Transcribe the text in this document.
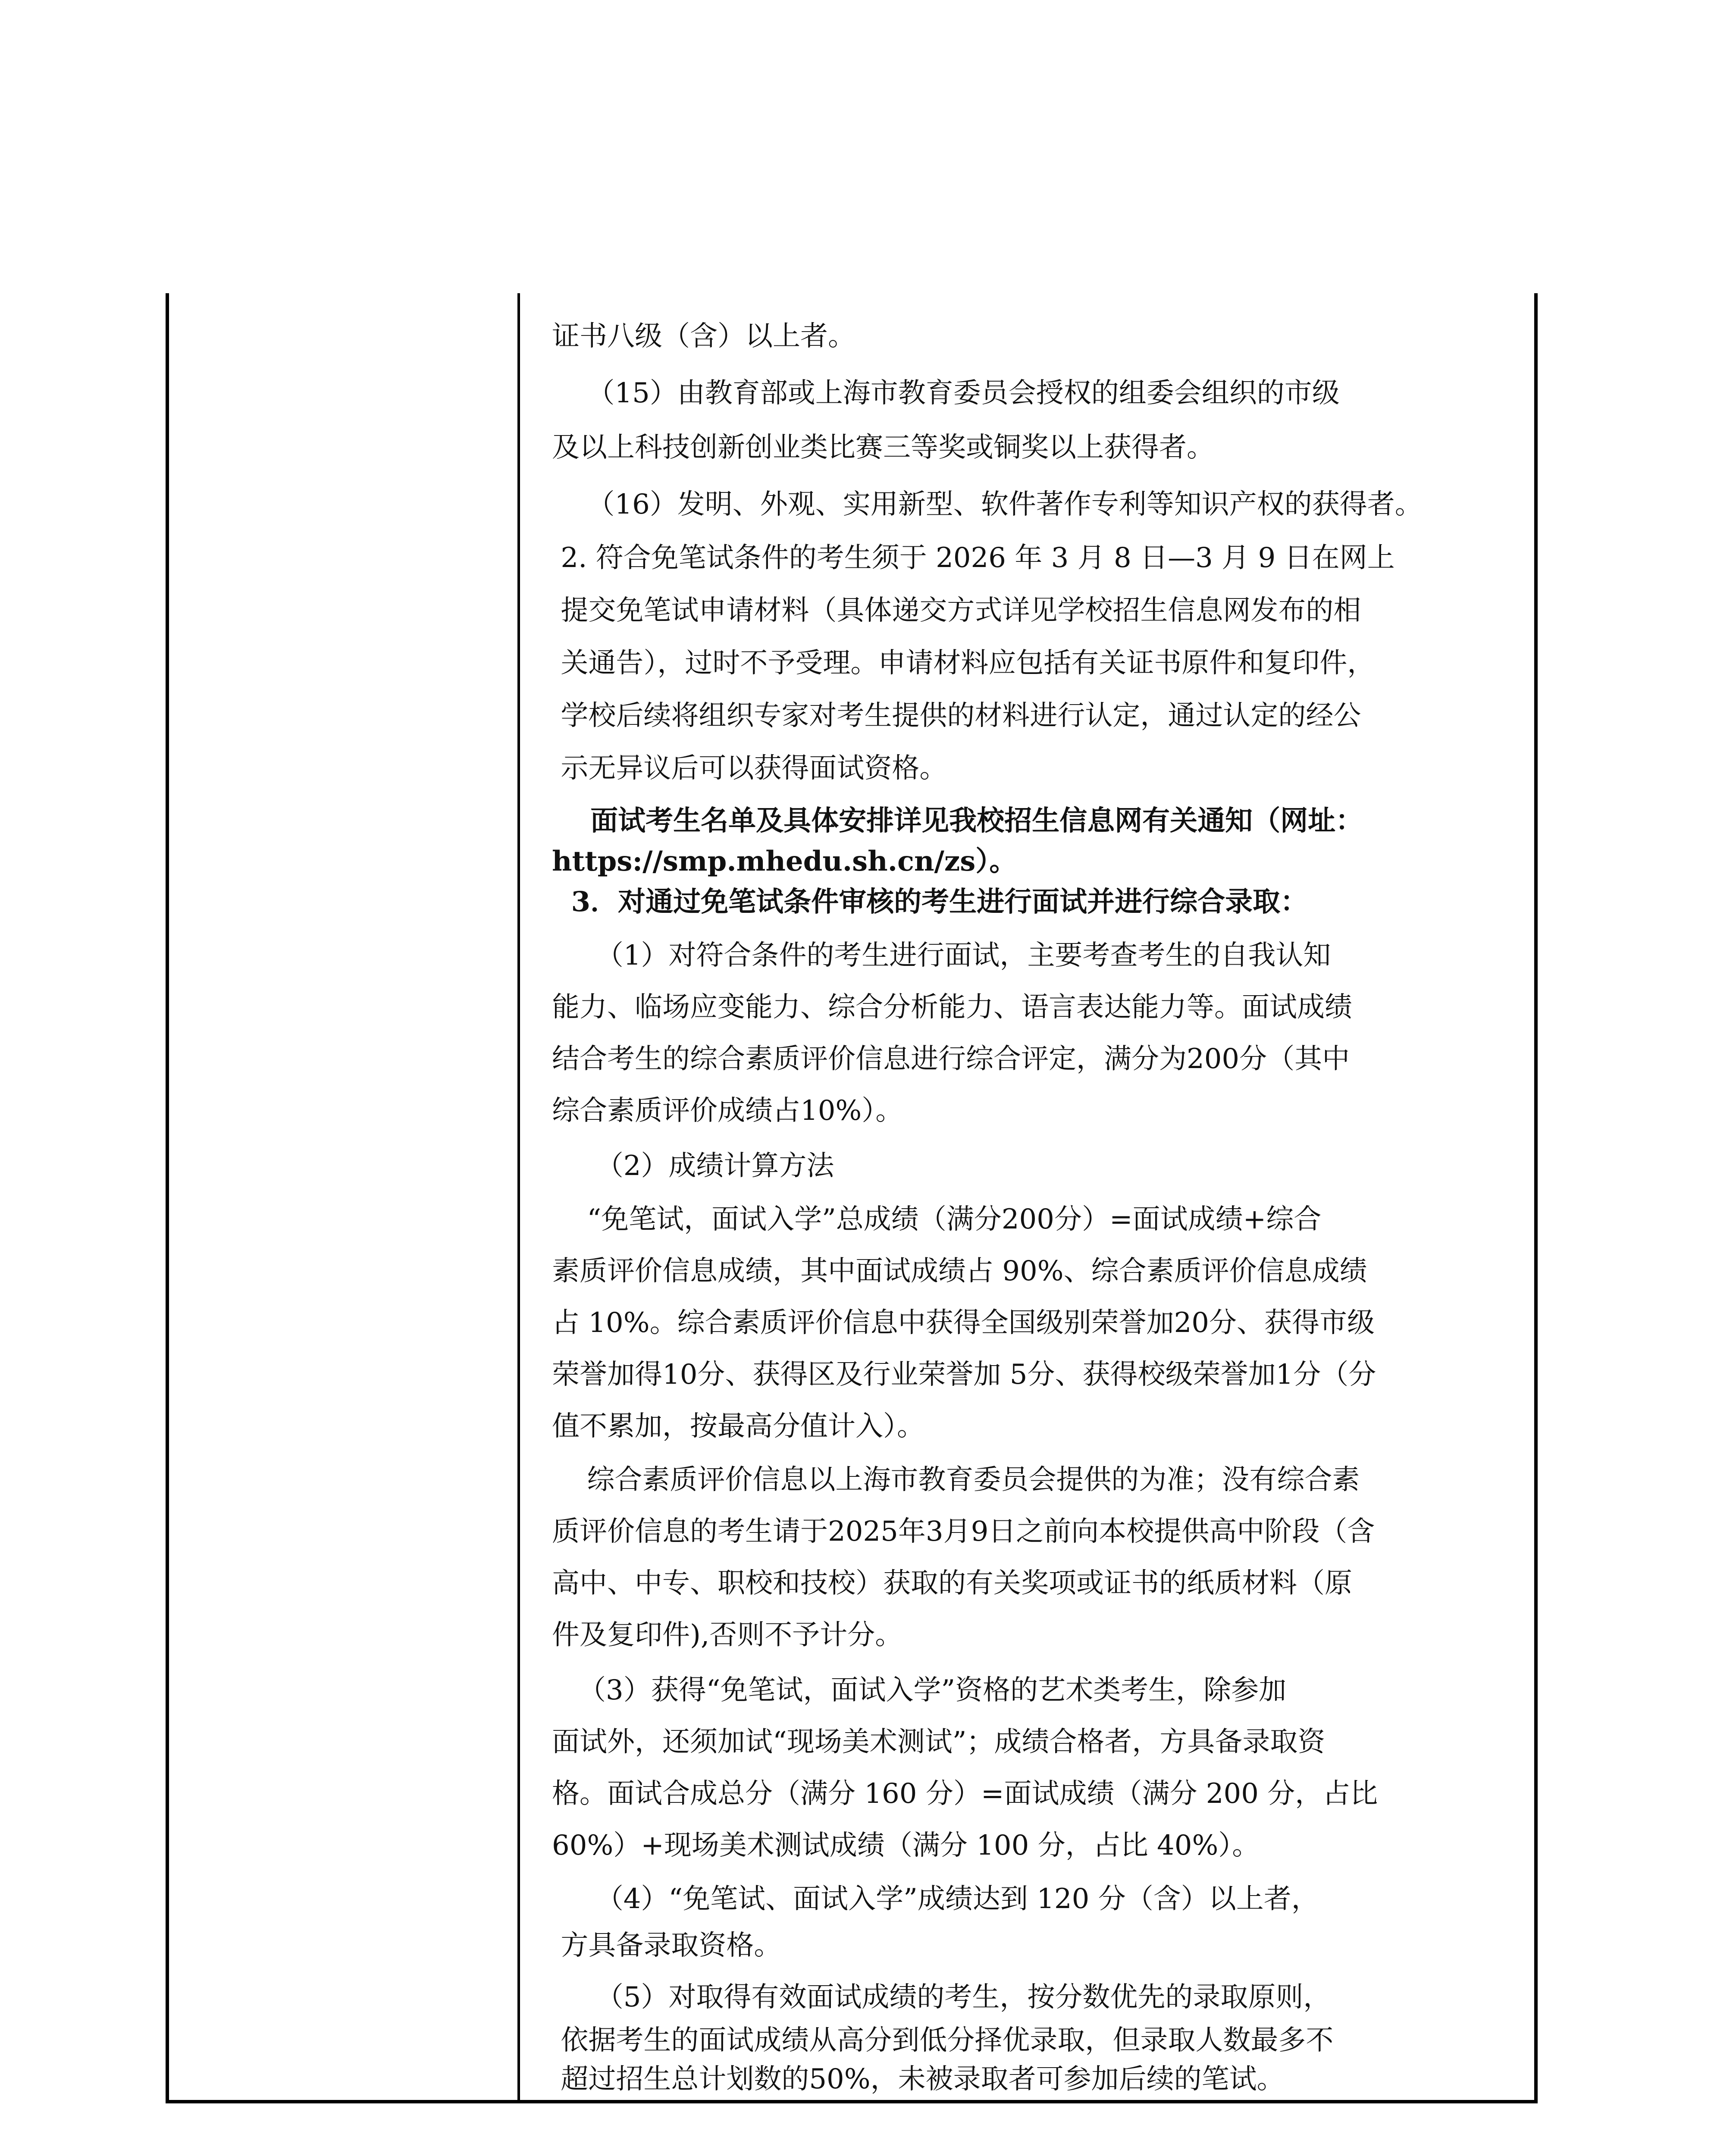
证书八级（含）以上者。
（15）由教育部或上海市教育委员会授权的组委会组织的市级
及以上科技创新创业类比赛三等奖或铜奖以上获得者。
（16）发明、外观、实用新型、软件著作专利等知识产权的获得者。
2. 符合免笔试条件的考生须于 2026 年 3 月 8 日—3 月 9 日在网上
提交免笔试申请材料（具体递交方式详见学校招生信息网发布的相
关通告），过时不予受理。申请材料应包括有关证书原件和复印件，
学校后续将组织专家对考生提供的材料进行认定，通过认定的经公
示无异议后可以获得面试资格。
面试考生名单及具体安排详见我校招生信息网有关通知（网址：
https://smp.mhedu.sh.cn/zs）。
3．对通过免笔试条件审核的考生进行面试并进行综合录取：
（1）对符合条件的考生进行面试，主要考查考生的自我认知
能力、临场应变能力、综合分析能力、语言表达能力等。面试成绩
结合考生的综合素质评价信息进行综合评定，满分为200分（其中
综合素质评价成绩占10%）。
（2）成绩计算方法
“免笔试，面试入学”总成绩（满分200分）=面试成绩+综合
素质评价信息成绩，其中面试成绩占 90%、综合素质评价信息成绩
占 10%。综合素质评价信息中获得全国级别荣誉加20分、获得市级
荣誉加得10分、获得区及行业荣誉加 5分、获得校级荣誉加1分（分
值不累加，按最高分值计入）。
综合素质评价信息以上海市教育委员会提供的为准；没有综合素
质评价信息的考生请于2025年3月9日之前向本校提供高中阶段（含
高中、中专、职校和技校）获取的有关奖项或证书的纸质材料（原
件及复印件),否则不予计分。
（3）获得“免笔试，面试入学”资格的艺术类考生，除参加
面试外，还须加试“现场美术测试”；成绩合格者，方具备录取资
格。面试合成总分（满分 160 分）=面试成绩（满分 200 分，占比
60%）+现场美术测试成绩（满分 100 分，占比 40%）。
（4）“免笔试、面试入学”成绩达到 120 分（含）以上者，
方具备录取资格。
（5）对取得有效面试成绩的考生，按分数优先的录取原则，
依据考生的面试成绩从高分到低分择优录取，但录取人数最多不
超过招生总计划数的50%，未被录取者可参加后续的笔试。
